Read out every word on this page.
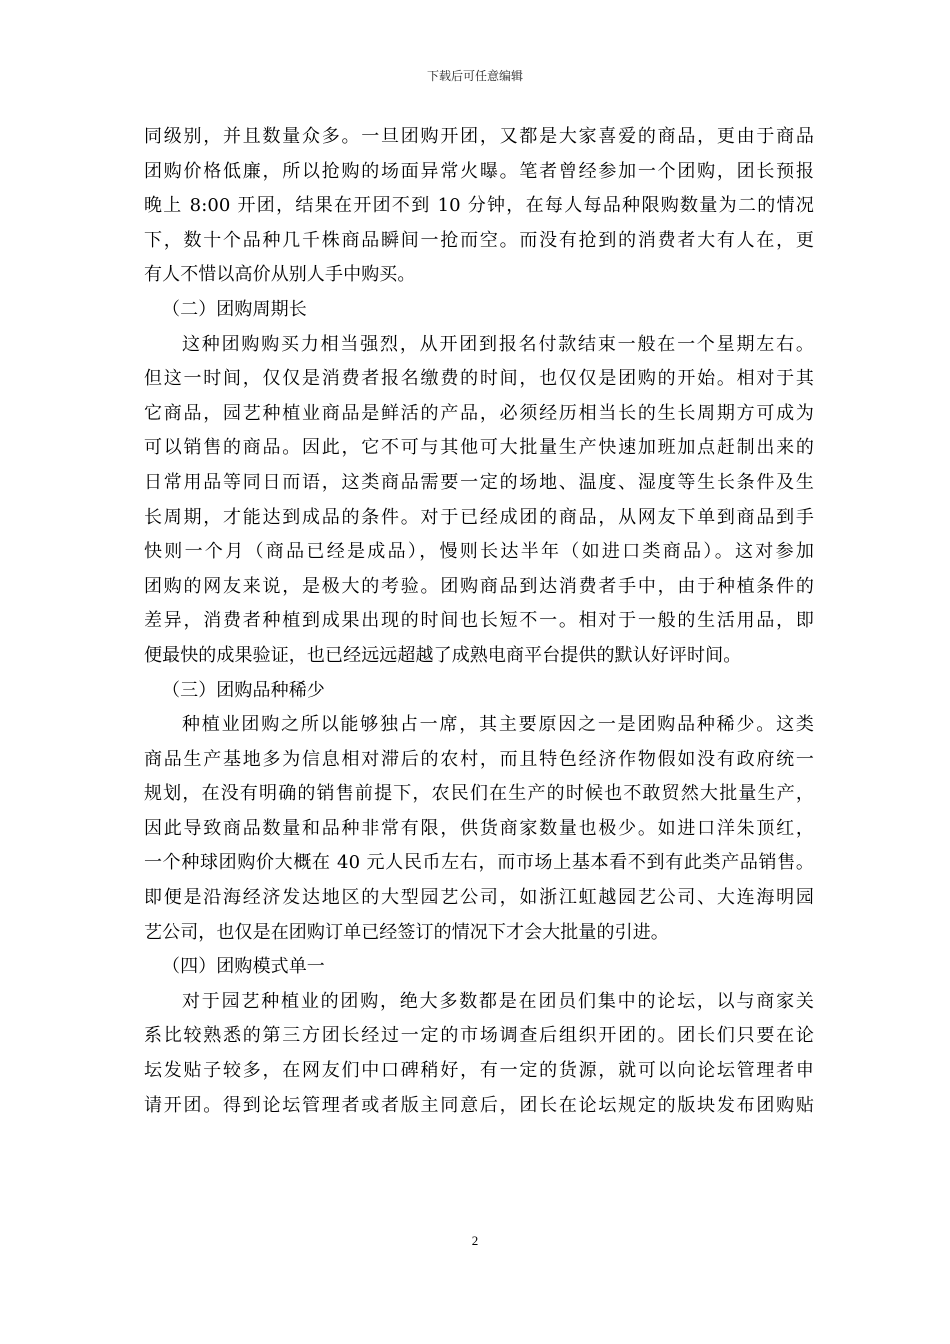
下载后可任意编辑
同级别，并且数量众多。一旦团购开团，又都是大家喜爱的商品，更由于商品
团购价格低廉，所以抢购的场面异常火曝。笔者曾经参加一个团购，团长预报
晚上 8:00 开团，结果在开团不到 10 分钟，在每人每品种限购数量为二的情况
下，数十个品种几千株商品瞬间一抢而空。而没有抢到的消费者大有人在，更
有人不惜以高价从别人手中购买。
（二）团购周期长
这种团购购买力相当强烈，从开团到报名付款结束一般在一个星期左右。
但这一时间，仅仅是消费者报名缴费的时间，也仅仅是团购的开始。相对于其
它商品，园艺种植业商品是鲜活的产品，必须经历相当长的生长周期方可成为
可以销售的商品。因此，它不可与其他可大批量生产快速加班加点赶制出来的
日常用品等同日而语，这类商品需要一定的场地、温度、湿度等生长条件及生
长周期，才能达到成品的条件。对于已经成团的商品，从网友下单到商品到手
快则一个月（商品已经是成品），慢则长达半年（如进口类商品）。这对参加
团购的网友来说，是极大的考验。团购商品到达消费者手中，由于种植条件的
差异，消费者种植到成果出现的时间也长短不一。相对于一般的生活用品，即
便最快的成果验证，也已经远远超越了成熟电商平台提供的默认好评时间。
（三）团购品种稀少
种植业团购之所以能够独占一席，其主要原因之一是团购品种稀少。这类
商品生产基地多为信息相对滞后的农村，而且特色经济作物假如没有政府统一
规划，在没有明确的销售前提下，农民们在生产的时候也不敢贸然大批量生产，
因此导致商品数量和品种非常有限，供货商家数量也极少。如进口洋朱顶红，
一个种球团购价大概在 40 元人民币左右，而市场上基本看不到有此类产品销售。
即便是沿海经济发达地区的大型园艺公司，如浙江虹越园艺公司、大连海明园
艺公司，也仅是在团购订单已经签订的情况下才会大批量的引进。
（四）团购模式单一
对于园艺种植业的团购，绝大多数都是在团员们集中的论坛，以与商家关
系比较熟悉的第三方团长经过一定的市场调查后组织开团的。团长们只要在论
坛发贴子较多，在网友们中口碑稍好，有一定的货源，就可以向论坛管理者申
请开团。得到论坛管理者或者版主同意后，团长在论坛规定的版块发布团购贴
2
